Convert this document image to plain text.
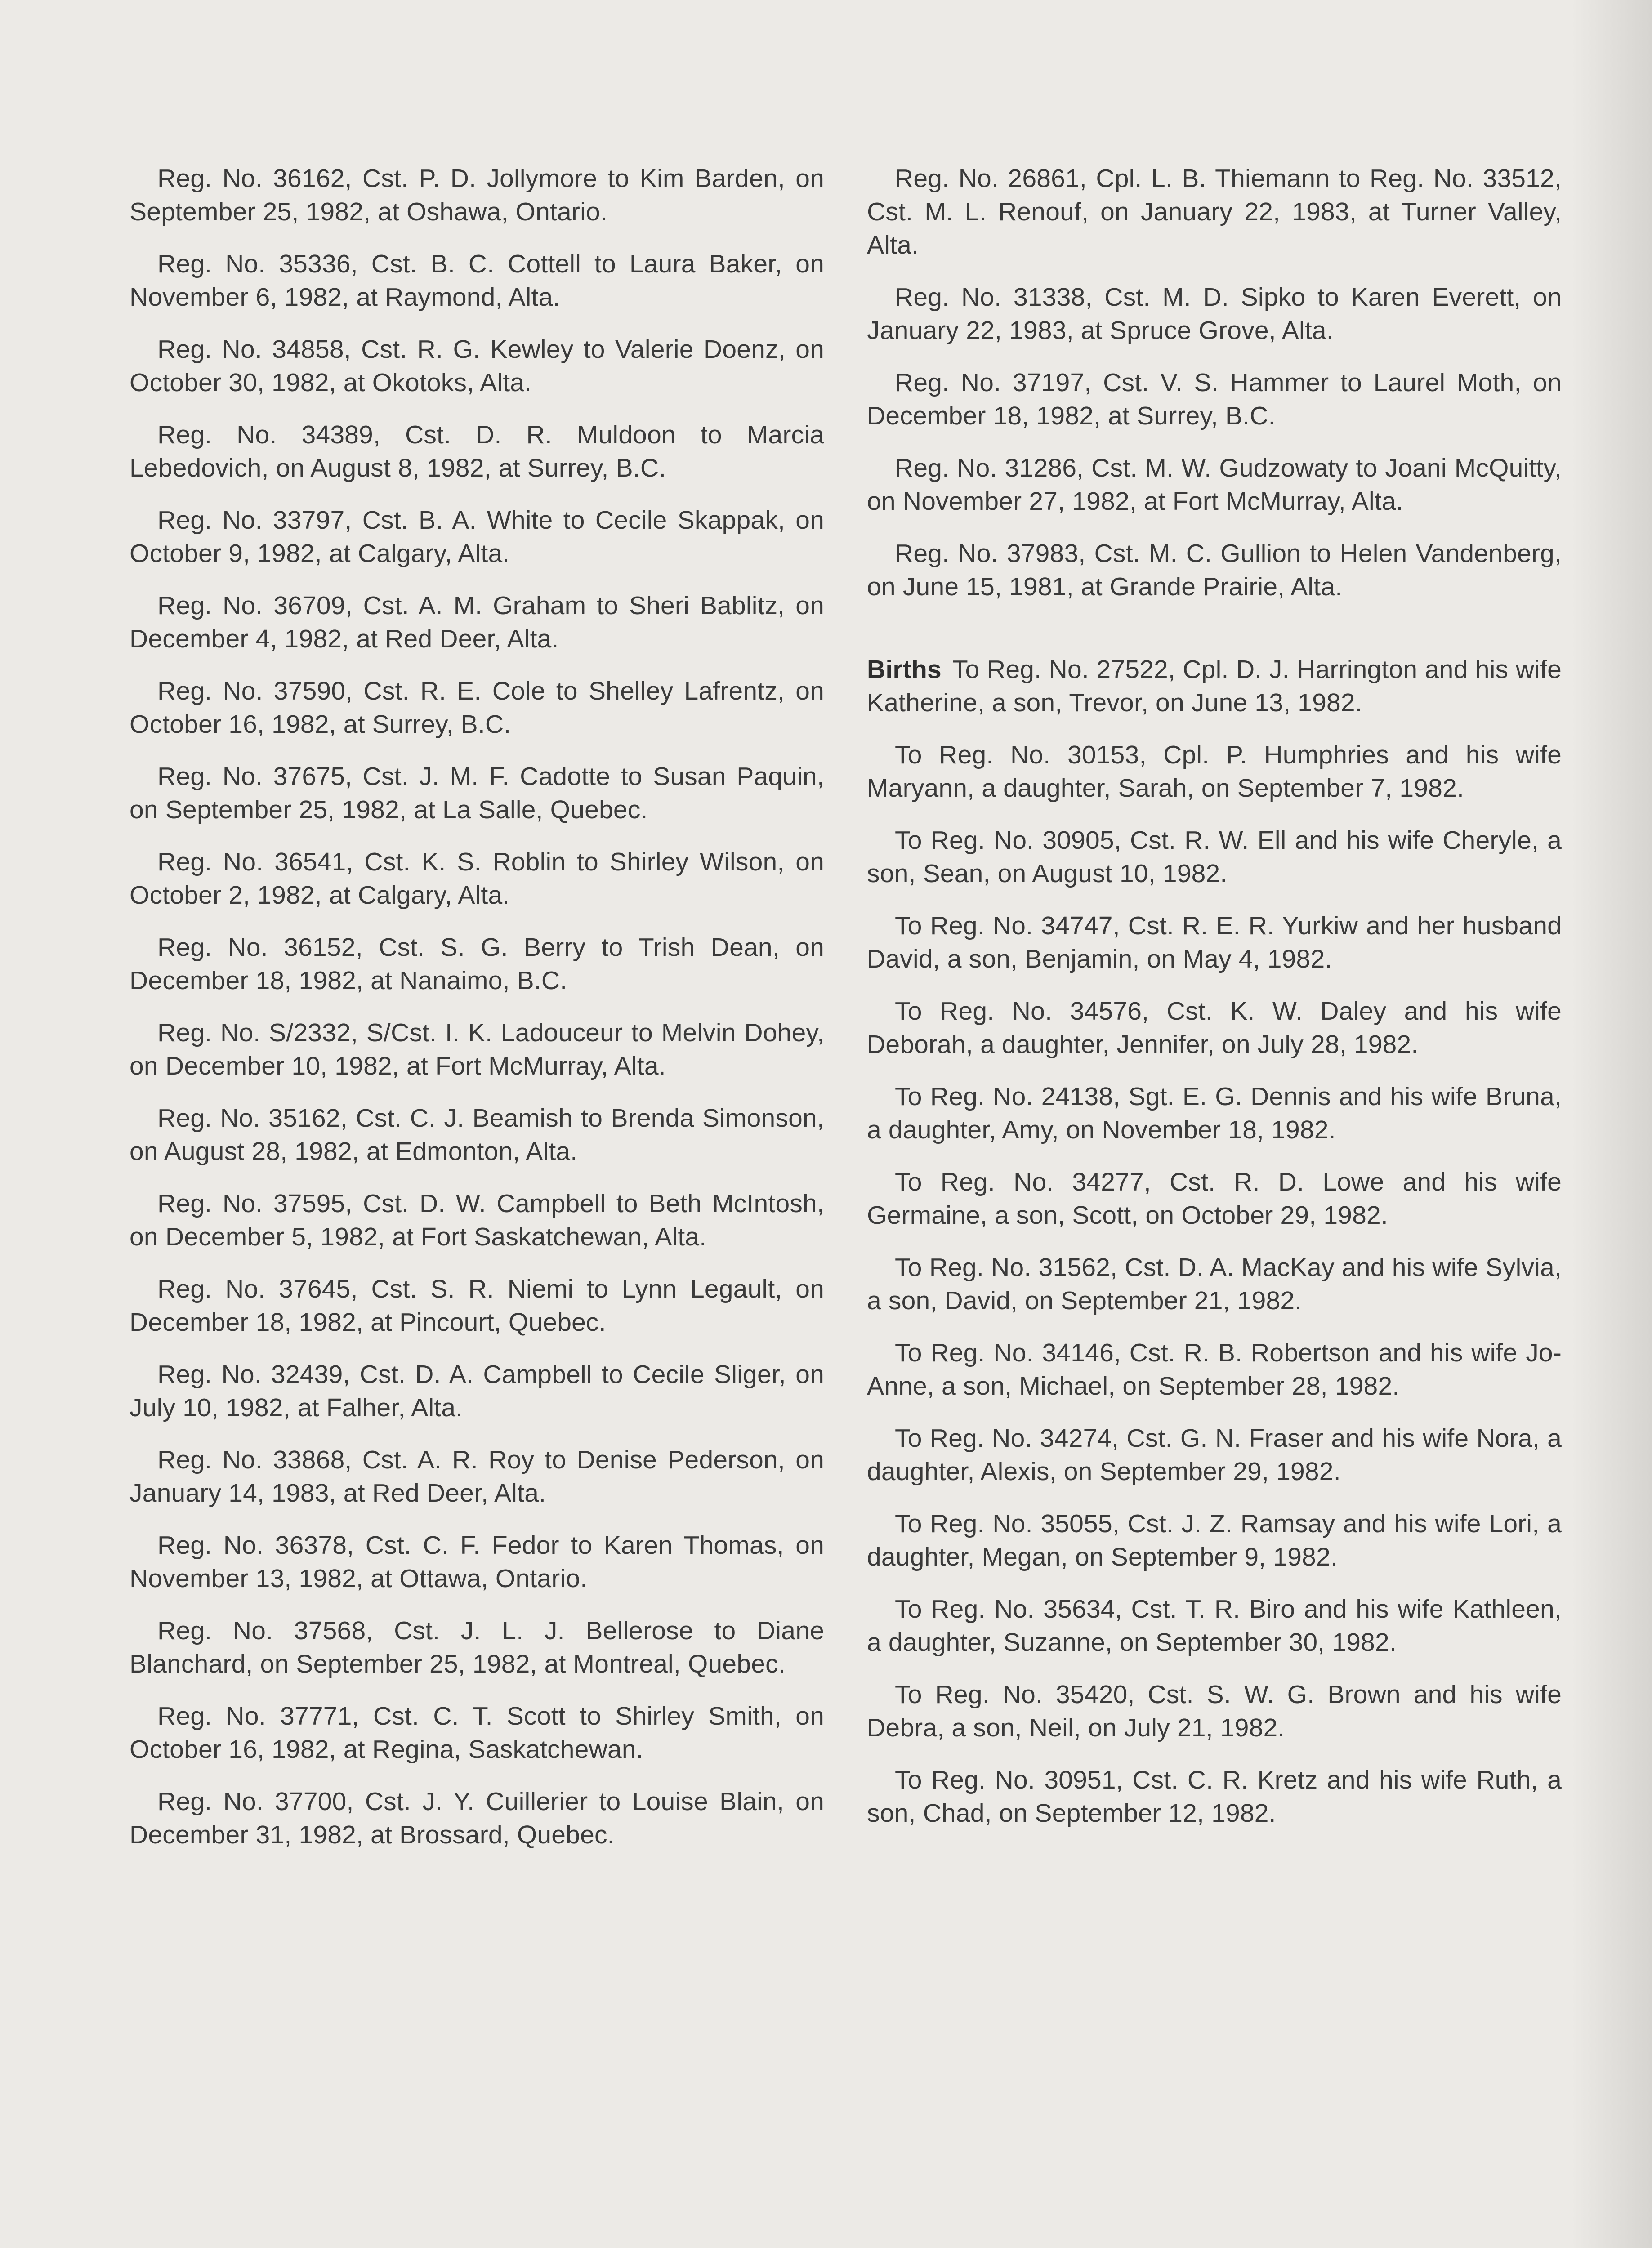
Reg. No. 36162, Cst. P. D. Jollymore to Kim Barden, on September 25, 1982, at Oshawa, Ontario.

Reg. No. 35336, Cst. B. C. Cottell to Laura Baker, on November 6, 1982, at Raymond, Alta.

Reg. No. 34858, Cst. R. G. Kewley to Valerie Doenz, on October 30, 1982, at Okotoks, Alta.

Reg. No. 34389, Cst. D. R. Muldoon to Marcia Lebedovich, on August 8, 1982, at Surrey, B.C.

Reg. No. 33797, Cst. B. A. White to Cecile Skappak, on October 9, 1982, at Calgary, Alta.

Reg. No. 36709, Cst. A. M. Graham to Sheri Bablitz, on December 4, 1982, at Red Deer, Alta.

Reg. No. 37590, Cst. R. E. Cole to Shelley Lafrentz, on October 16, 1982, at Surrey, B.C.

Reg. No. 37675, Cst. J. M. F. Cadotte to Susan Paquin, on September 25, 1982, at La Salle, Quebec.

Reg. No. 36541, Cst. K. S. Roblin to Shirley Wilson, on October 2, 1982, at Calgary, Alta.

Reg. No. 36152, Cst. S. G. Berry to Trish Dean, on December 18, 1982, at Nanaimo, B.C.

Reg. No. S/2332, S/Cst. I. K. Ladouceur to Melvin Dohey, on December 10, 1982, at Fort McMurray, Alta.

Reg. No. 35162, Cst. C. J. Beamish to Brenda Simonson, on August 28, 1982, at Edmonton, Alta.

Reg. No. 37595, Cst. D. W. Campbell to Beth McIntosh, on December 5, 1982, at Fort Saskatchewan, Alta.

Reg. No. 37645, Cst. S. R. Niemi to Lynn Legault, on December 18, 1982, at Pincourt, Quebec.

Reg. No. 32439, Cst. D. A. Campbell to Cecile Sliger, on July 10, 1982, at Falher, Alta.

Reg. No. 33868, Cst. A. R. Roy to Denise Pederson, on January 14, 1983, at Red Deer, Alta.

Reg. No. 36378, Cst. C. F. Fedor to Karen Thomas, on November 13, 1982, at Ottawa, Ontario.

Reg. No. 37568, Cst. J. L. J. Bellerose to Diane Blanchard, on September 25, 1982, at Montreal, Quebec.

Reg. No. 37771, Cst. C. T. Scott to Shirley Smith, on October 16, 1982, at Regina, Saskatchewan.

Reg. No. 37700, Cst. J. Y. Cuillerier to Louise Blain, on December 31, 1982, at Brossard, Quebec.

Reg. No. 26861, Cpl. L. B. Thiemann to Reg. No. 33512, Cst. M. L. Renouf, on January 22, 1983, at Turner Valley, Alta.

Reg. No. 31338, Cst. M. D. Sipko to Karen Everett, on January 22, 1983, at Spruce Grove, Alta.

Reg. No. 37197, Cst. V. S. Hammer to Laurel Moth, on December 18, 1982, at Surrey, B.C.

Reg. No. 31286, Cst. M. W. Gudzowaty to Joani McQuitty, on November 27, 1982, at Fort McMurray, Alta.

Reg. No. 37983, Cst. M. C. Gullion to Helen Vandenberg, on June 15, 1981, at Grande Prairie, Alta.

Births To Reg. No. 27522, Cpl. D. J. Harrington and his wife Katherine, a son, Trevor, on June 13, 1982.

To Reg. No. 30153, Cpl. P. Humphries and his wife Maryann, a daughter, Sarah, on September 7, 1982.

To Reg. No. 30905, Cst. R. W. Ell and his wife Cheryle, a son, Sean, on August 10, 1982.

To Reg. No. 34747, Cst. R. E. R. Yurkiw and her husband David, a son, Benjamin, on May 4, 1982.

To Reg. No. 34576, Cst. K. W. Daley and his wife Deborah, a daughter, Jennifer, on July 28, 1982.

To Reg. No. 24138, Sgt. E. G. Dennis and his wife Bruna, a daughter, Amy, on November 18, 1982.

To Reg. No. 34277, Cst. R. D. Lowe and his wife Germaine, a son, Scott, on October 29, 1982.

To Reg. No. 31562, Cst. D. A. MacKay and his wife Sylvia, a son, David, on September 21, 1982.

To Reg. No. 34146, Cst. R. B. Robertson and his wife Jo-Anne, a son, Michael, on September 28, 1982.

To Reg. No. 34274, Cst. G. N. Fraser and his wife Nora, a daughter, Alexis, on September 29, 1982.

To Reg. No. 35055, Cst. J. Z. Ramsay and his wife Lori, a daughter, Megan, on September 9, 1982.

To Reg. No. 35634, Cst. T. R. Biro and his wife Kathleen, a daughter, Suzanne, on September 30, 1982.

To Reg. No. 35420, Cst. S. W. G. Brown and his wife Debra, a son, Neil, on July 21, 1982.

To Reg. No. 30951, Cst. C. R. Kretz and his wife Ruth, a son, Chad, on September 12, 1982.
